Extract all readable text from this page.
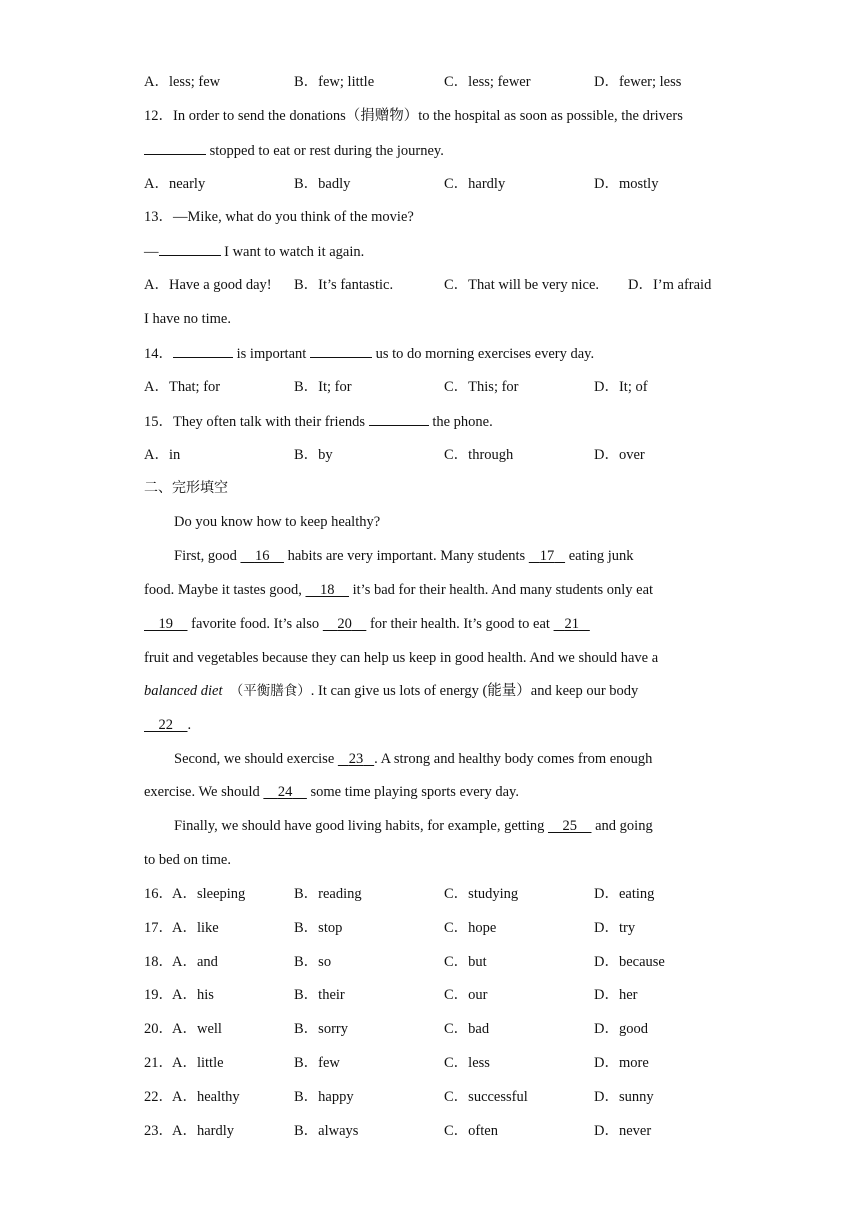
A．less; few	B．few; little	C．less; fewer	D．fewer; less
12．In order to send the donations（捐赠物）to the hospital as soon as possible, the drivers
stopped to eat or rest during the journey.
A．nearly	B．badly	C．hardly	D．mostly
13．—Mike, what do you think of the movie?
—	I want to watch it again.
A．Have a good day! B．It’s fantastic.	C．That will be very nice. D．I’m afraid
I have no time.
14．	is important	us to do morning exercises every day.
A．That; for	B．It; for	C．This; for	D．It; of
15．They often talk with their friends	the phone.
A．in	B．by	C．through	D．over
二、完形填空
Do you know how to keep healthy?
First, good 16 habits are very important. Many students 17 eating junk
food. Maybe it tastes good, 18 it’s bad for their health. And many students only eat
19 favorite food. It’s also 20 for their health. It’s good to eat 21
fruit and vegetables because they can help us keep in good health. And we should have a
balanced diet （平衡膳食）. It can give us lots of energy (能量）and keep our body
22 .
Second, we should exercise 23 . A strong and healthy body comes from enough
exercise. We should 24 some time playing sports every day.
Finally, we should have good living habits, for example, getting 25 and going
to bed on time.
16． A．sleeping	B．reading	C．studying	D．eating
17． A．like	B．stop	C．hope	D．try
18． A．and	B．so	C．but	D．because
19． A．his	B．their	C．our	D．her
20． A．well	B．sorry	C．bad	D．good
21． A．little	B．few	C．less	D．more
22． A．healthy	B．happy	C．successful	D．sunny
23． A．hardly	B．always	C．often	D．never
